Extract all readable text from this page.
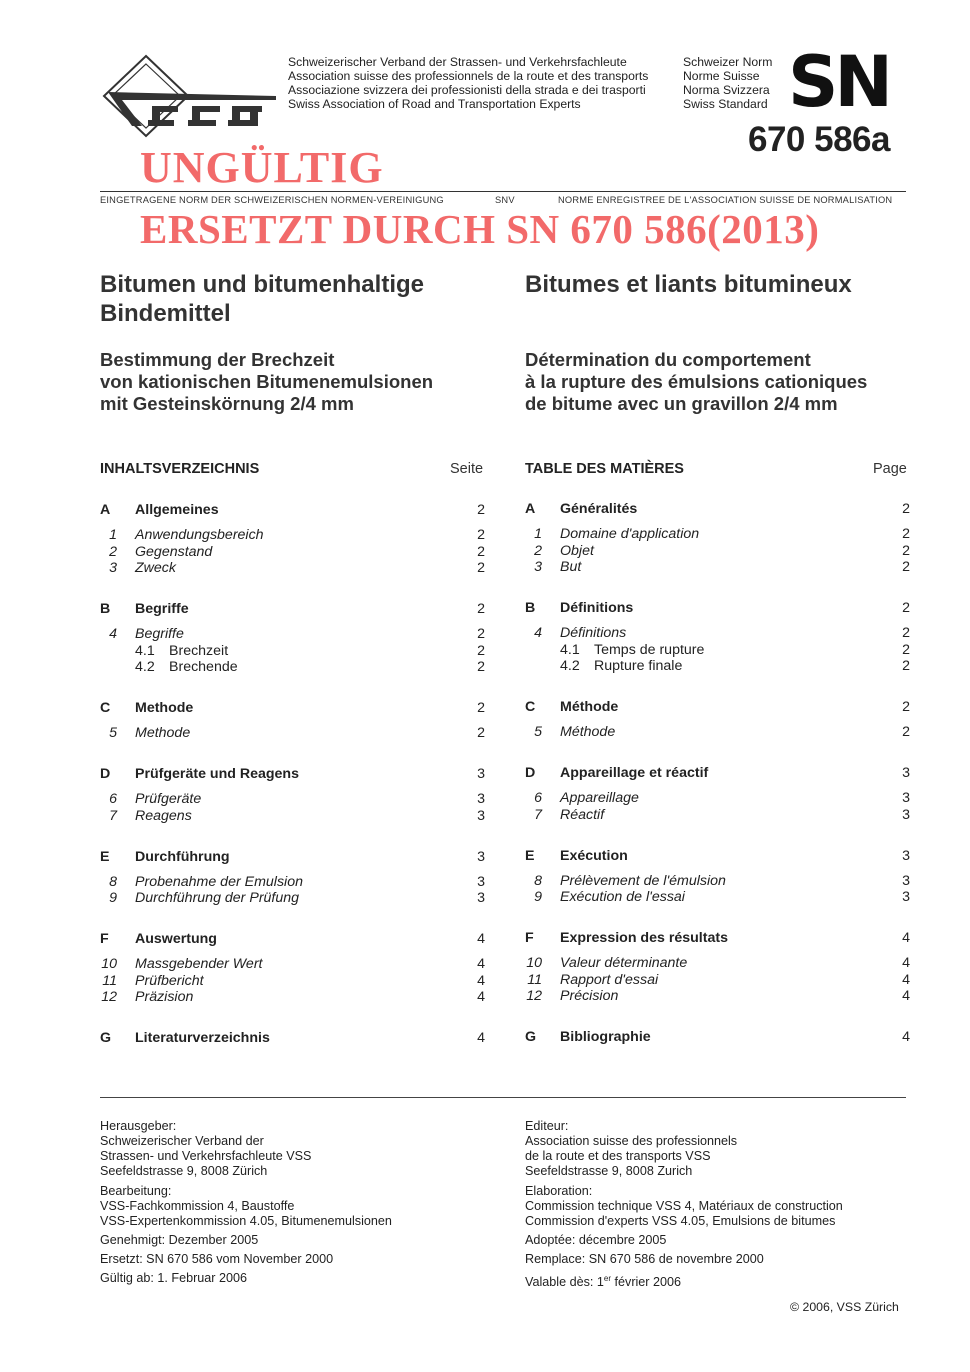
Schweizerischer Verband der Strassen- und Verkehrsfachleute
Association suisse des professionnels de la route et des transports
Associazione svizzera dei professionisti della strada e dei trasporti
Swiss Association of Road and Transportation Experts
Schweizer Norm
Norme Suisse
Norma Svizzera
Swiss Standard SN
670 586a
UNGÜLTIG
EINGETRAGENE NORM DER SCHWEIZERISCHEN NORMEN-VEREINIGUNG	SNV	NORME ENREGISTREE DE L'ASSOCIATION SUISSE DE NORMALISATION
ERSETZT DURCH SN 670 586(2013)
Bitumen und bitumenhaltige
Bindemittel
Bitumes et liants bitumineux
Bestimmung der Brechzeit
von kationischen Bitumenemulsionen
mit Gesteinskörnung 2/4 mm
Détermination du comportement
à la rupture des émulsions cationiques
de bitume avec un gravillon 2/4 mm
INHALTSVERZEICHNIS	Seite	TABLE DES MATIÈRES	Page
A Allgemeines	2
1 Anwendungsbereich	2
2 Gegenstand	2
3 Zweck	2
B Begriffe	2
4 Begriffe	2
4.1 Brechzeit	2
4.2 Brechende	2
C Methode	2
5 Methode	2
D Prüfgeräte und Reagens	3
6 Prüfgeräte	3
7 Reagens	3
E Durchführung	3
8 Probenahme der Emulsion	3
9 Durchführung der Prüfung	3
F Auswertung	4
10 Massgebender Wert	4
11 Prüfbericht	4
12 Präzision	4
G Literaturverzeichnis	4
A Généralités	2
1 Domaine d'application	2
2 Objet	2
3 But	2
B Définitions	2
4 Définitions	2
4.1 Temps de rupture	2
4.2 Rupture finale	2
C Méthode	2
5 Méthode	2
D Appareillage et réactif	3
6 Appareillage	3
7 Réactif	3
E Exécution	3
8 Prélèvement de l'émulsion	3
9 Exécution de l'essai	3
F Expression des résultats	4
10 Valeur déterminante	4
11 Rapport d'essai	4
12 Précision	4
G Bibliographie	4

Herausgeber:

Schweizerischer Verband der

Strassen- und Verkehrsfachleute VSS

Seefeldstrasse 9, 8008 Zürich

Bearbeitung:

VSS-Fachkommission 4, Baustoffe

VSS-Expertenkommission 4.05, Bitumenemulsionen

Genehmigt: Dezember 2005

Ersetzt: SN 670 586 vom November 2000

Gültig ab: 1. Februar 2006

Editeur:

Association suisse des professionnels

de la route et des transports VSS

Seefeldstrasse 9, 8008 Zurich

Elaboration:

Commission technique VSS 4, Matériaux de construction

Commission d'experts VSS 4.05, Emulsions de bitumes

Adoptée: décembre 2005

Remplace: SN 670 586 de novembre 2000

Valable dès: 1er février 2006

© 2006, VSS Zürich
